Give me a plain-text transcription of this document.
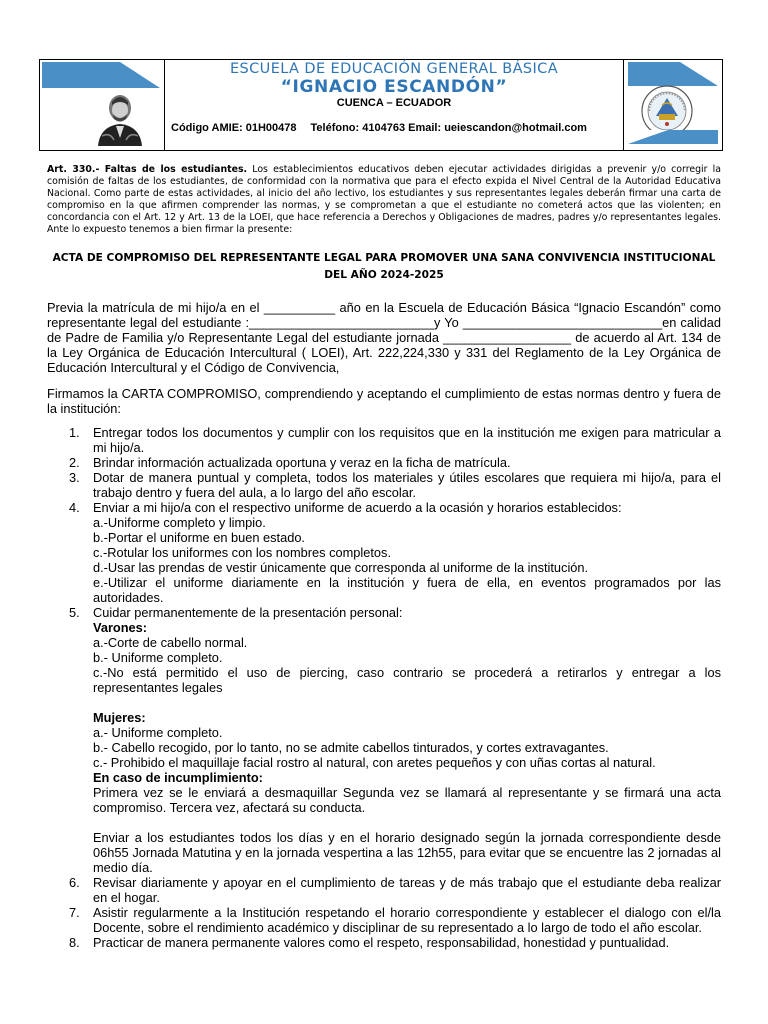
ESCUELA DE EDUCACIÓN GENERAL BÁSICA
“IGNACIO ESCANDÓN”
CUENCA – ECUADOR
Código AMIE: 01H00478 Teléfono: 4104763 Email: ueiescandon@hotmail.com
Art. 330.- Faltas de los estudiantes. Los establecimientos educativos deben ejecutar actividades dirigidas a prevenir y/o corregir la comisión de faltas de los estudiantes, de conformidad con la normativa que para el efecto expida el Nivel Central de la Autoridad Educativa Nacional. Como parte de estas actividades, al inicio del año lectivo, los estudiantes y sus representantes legales deberán firmar una carta de compromiso en la que afirmen comprender las normas, y se comprometan a que el estudiante no cometerá actos que las violenten; en concordancia con el Art. 12 y Art. 13 de la LOEI, que hace referencia a Derechos y Obligaciones de madres, padres y/o representantes legales. Ante lo expuesto tenemos a bien firmar la presente:
ACTA DE COMPROMISO DEL REPRESENTANTE LEGAL PARA PROMOVER UNA SANA CONVIVENCIA INSTITUCIONAL DEL AÑO 2024-2025
Previa la matrícula de mi hijo/a en el __________ año en la Escuela de Educación Básica “Ignacio Escandón” como representante legal del estudiante :__________________________y Yo ____________________________en calidad de Padre de Familia y/o Representante Legal del estudiante jornada __________________ de acuerdo al Art. 134 de la Ley Orgánica de Educación Intercultural ( LOEI), Art. 222,224,330 y 331 del Reglamento de la Ley Orgánica de Educación Intercultural y el Código de Convivencia,
Firmamos la CARTA COMPROMISO, comprendiendo y aceptando el cumplimiento de estas normas dentro y fuera de la institución:
1. Entregar todos los documentos y cumplir con los requisitos que en la institución me exigen para matricular a mi hijo/a.
2. Brindar información actualizada oportuna y veraz en la ficha de matrícula.
3. Dotar de manera puntual y completa, todos los materiales y útiles escolares que requiera mi hijo/a, para el trabajo dentro y fuera del aula, a lo largo del año escolar.
4. Enviar a mi hijo/a con el respectivo uniforme de acuerdo a la ocasión y horarios establecidos:
a.-Uniforme completo y limpio.
b.-Portar el uniforme en buen estado.
c.-Rotular los uniformes con los nombres completos.
d.-Usar las prendas de vestir únicamente que corresponda al uniforme de la institución.
e.-Utilizar el uniforme diariamente en la institución y fuera de ella, en eventos programados por las autoridades.
5. Cuidar permanentemente de la presentación personal:
Varones:
a.-Corte de cabello normal.
b.- Uniforme completo.
c.-No está permitido el uso de piercing, caso contrario se procederá a retirarlos y entregar a los representantes legales
Mujeres:
a.- Uniforme completo.
b.- Cabello recogido, por lo tanto, no se admite cabellos tinturados, y cortes extravagantes.
c.- Prohibido el maquillaje facial rostro al natural, con aretes pequeños y con uñas cortas al natural.
En caso de incumplimiento:
Primera vez se le enviará a desmaquillar Segunda vez se llamará al representante y se firmará una acta compromiso. Tercera vez, afectará su conducta.
Enviar a los estudiantes todos los días y en el horario designado según la jornada correspondiente desde 06h55 Jornada Matutina y en la jornada vespertina a las 12h55, para evitar que se encuentre las 2 jornadas al medio día.
6. Revisar diariamente y apoyar en el cumplimiento de tareas y de más trabajo que el estudiante deba realizar en el hogar.
7. Asistir regularmente a la Institución respetando el horario correspondiente y establecer el dialogo con el/la Docente, sobre el rendimiento académico y disciplinar de su representado a lo largo de todo el año escolar.
8. Practicar de manera permanente valores como el respeto, responsabilidad, honestidad y puntualidad.
